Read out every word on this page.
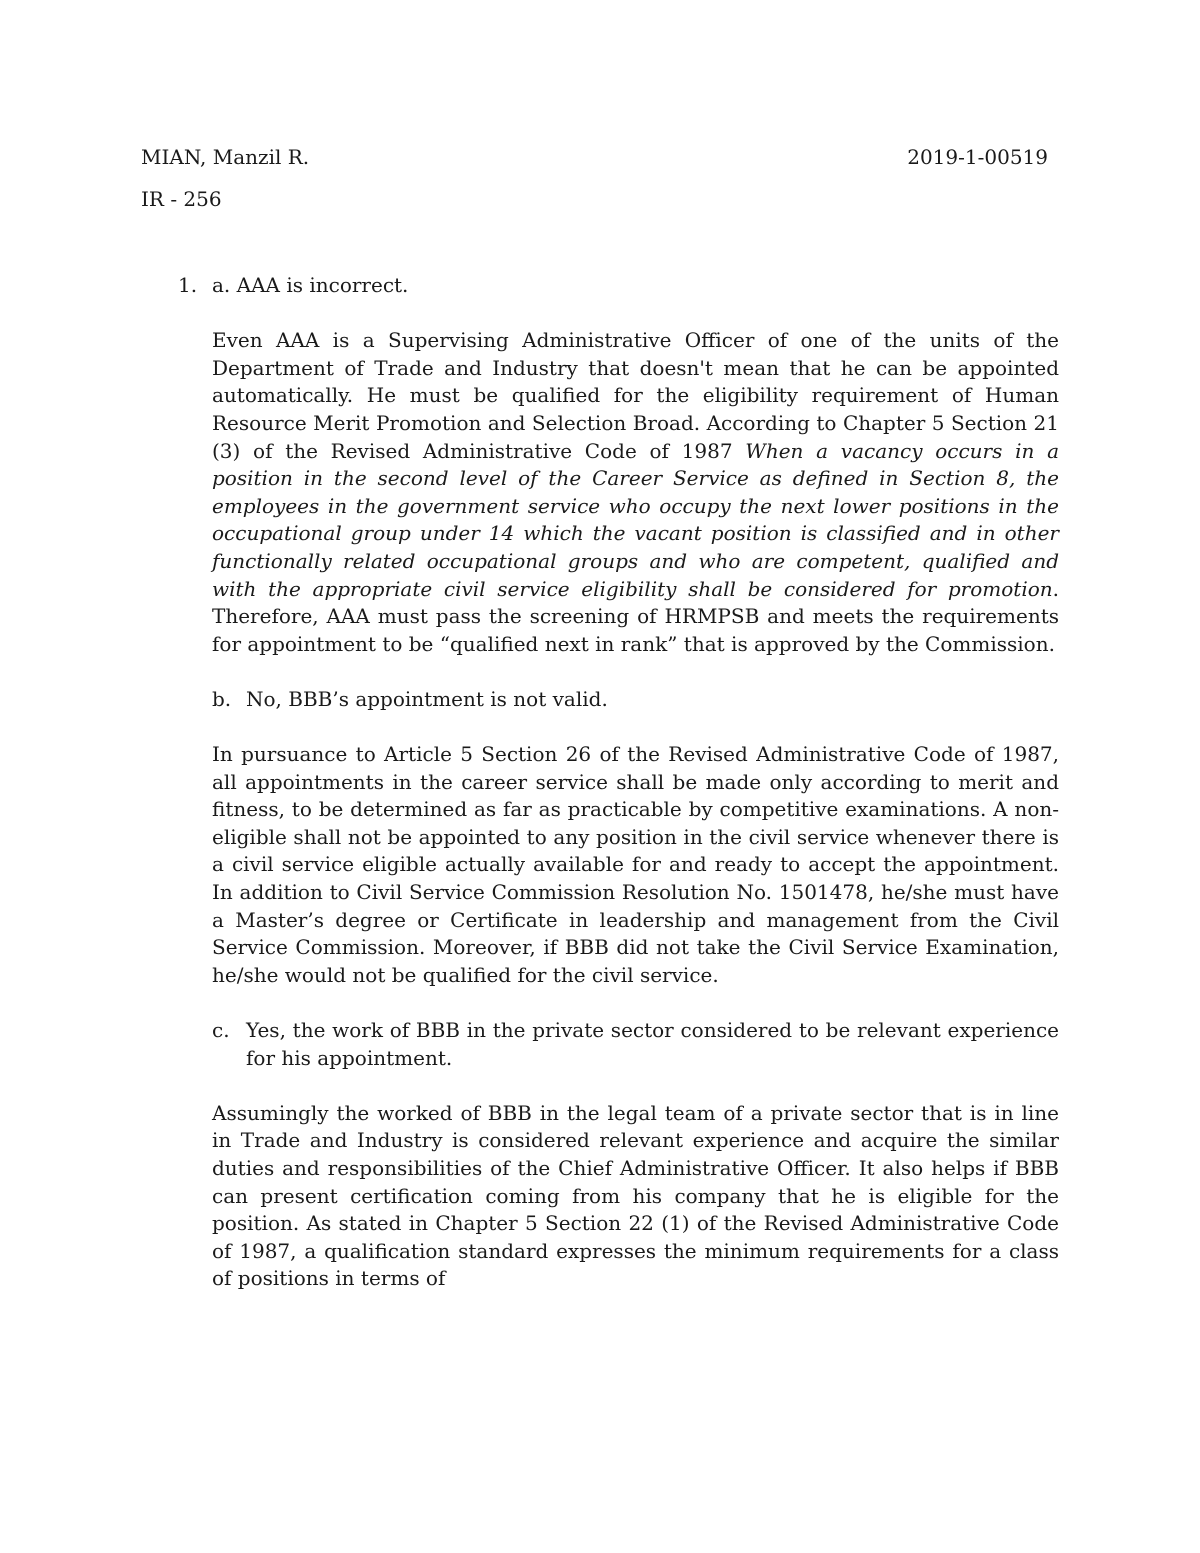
MIAN, Manzil R.	2019-1-00519
IR - 256
1. a.
AAA is incorrect.

Even AAA is a Supervising Administrative Officer of one of the units of the Department of Trade and Industry that doesn't mean that he can be appointed automatically. He must be qualified for the eligibility requirement of Human Resource Merit Promotion and Selection Broad. According to Chapter 5 Section 21 (3) of the Revised Administrative Code of 1987 When a vacancy occurs in a position in the second level of the Career Service as defined in Section 8, the employees in the government service who occupy the next lower positions in the occupational group under 14 which the vacant position is classified and in other functionally related occupational groups and who are competent, qualified and with the appropriate civil service eligibility shall be considered for promotion. Therefore, AAA must pass the screening of HRMPSB and meets the requirements for appointment to be “qualified next in rank” that is approved by the Commission.

b. No, BBB’s appointment is not valid.

In pursuance to Article 5 Section 26 of the Revised Administrative Code of 1987, all appointments in the career service shall be made only according to merit and fitness, to be determined as far as practicable by competitive examinations. A non-eligible shall not be appointed to any position in the civil service whenever there is a civil service eligible actually available for and ready to accept the appointment. In addition to Civil Service Commission Resolution No. 1501478, he/she must have a Master’s degree or Certificate in leadership and management from the Civil Service Commission. Moreover, if BBB did not take the Civil Service Examination, he/she would not be qualified for the civil service.

c. Yes, the work of BBB in the private sector considered to be relevant experience for his appointment.

Assumingly the worked of BBB in the legal team of a private sector that is in line in Trade and Industry is considered relevant experience and acquire the similar duties and responsibilities of the Chief Administrative Officer. It also helps if BBB can present certification coming from his company that he is eligible for the position. As stated in Chapter 5 Section 22 (1) of the Revised Administrative Code of 1987, a qualification standard expresses the minimum requirements for a class of positions in terms of
